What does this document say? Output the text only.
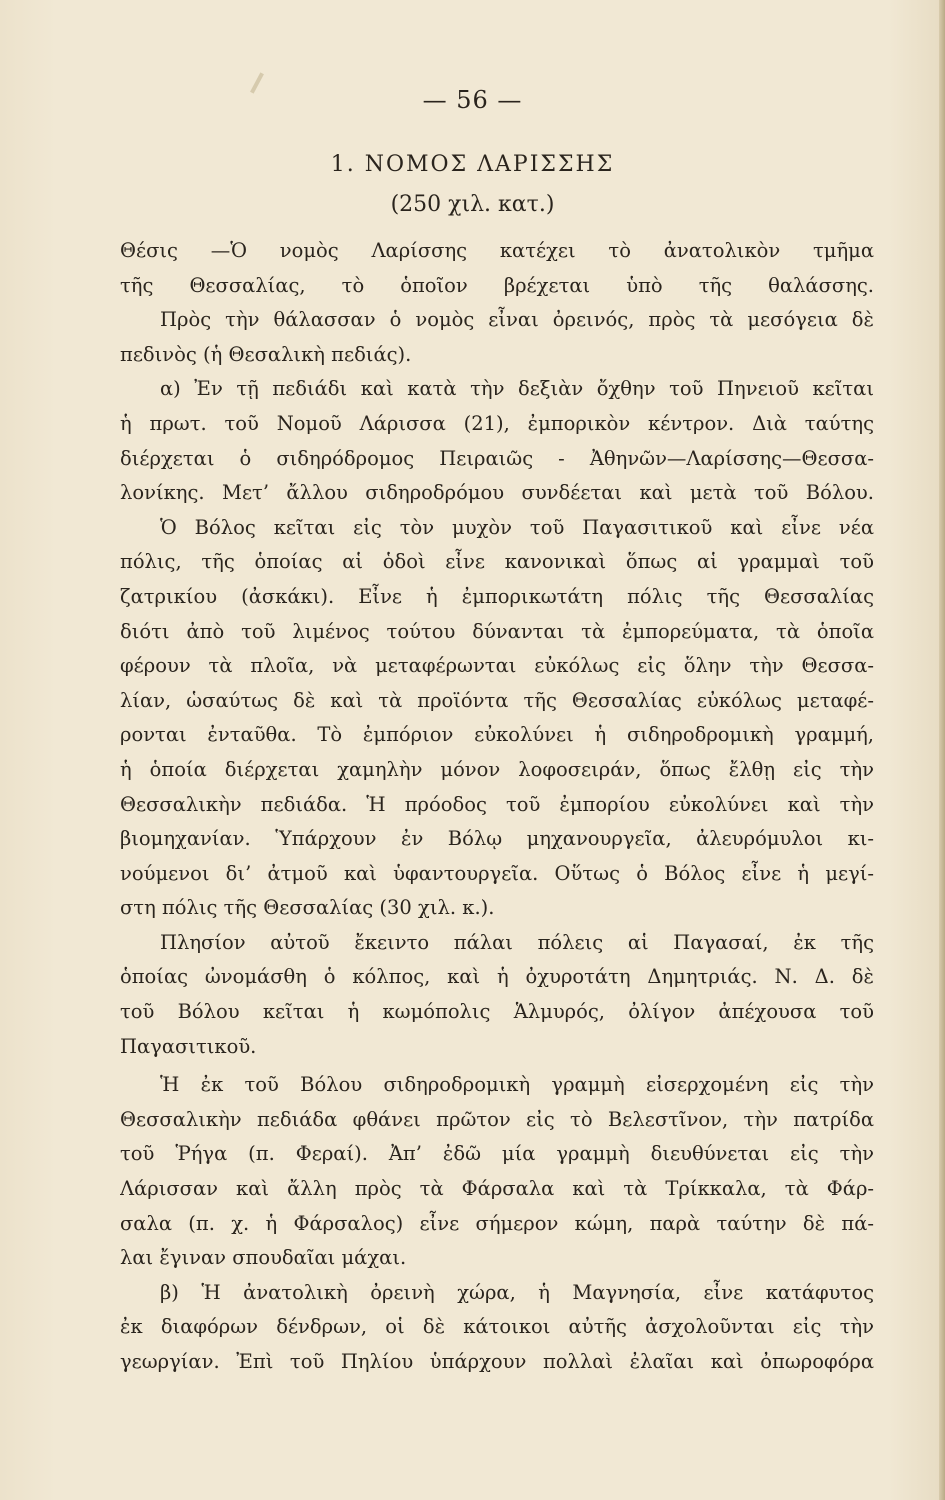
— 56 —
1. ΝΟΜΟΣ ΛΑΡΙΣΣΗΣ
(250 χιλ. κατ.)
Θέσις —Ὁ νομὸς Λαρίσσης κατέχει τὸ ἀνατολικὸν τμῆμα
τῆς Θεσσαλίας, τὸ ὁποῖον βρέχεται ὑπὸ τῆς θαλάσσης.
Πρὸς τὴν θάλασσαν ὁ νομὸς εἶναι ὀρεινός, πρὸς τὰ μεσόγεια δὲ
πεδινὸς (ἡ Θεσαλικὴ πεδιάς).
α) Ἐν τῇ πεδιάδι καὶ κατὰ τὴν δεξιὰν ὄχθην τοῦ Πηνειοῦ κεῖται
ἡ πρωτ. τοῦ Νομοῦ Λάρισσα (21), ἐμπορικὸν κέντρον. Διὰ ταύτης
διέρχεται ὁ σιδηρόδρομος Πειραιῶς - Ἀθηνῶν—Λαρίσσης—Θεσσα-
λονίκης. Μετ’ ἄλλου σιδηροδρόμου συνδέεται καὶ μετὰ τοῦ Βόλου.
Ὁ Βόλος κεῖται εἰς τὸν μυχὸν τοῦ Παγασιτικοῦ καὶ εἶνε νέα
πόλις, τῆς ὁποίας αἱ ὁδοὶ εἶνε κανονικαὶ ὅπως αἱ γραμμαὶ τοῦ
ζατρικίου (ἀσκάκι). Εἶνε ἡ ἐμπορικωτάτη πόλις τῆς Θεσσαλίας
διότι ἀπὸ τοῦ λιμένος τούτου δύνανται τὰ ἐμπορεύματα, τὰ ὁποῖα
φέρουν τὰ πλοῖα, νὰ μεταφέρωνται εὐκόλως εἰς ὅλην τὴν Θεσσα-
λίαν, ὡσαύτως δὲ καὶ τὰ προϊόντα τῆς Θεσσαλίας εὐκόλως μεταφέ-
ρονται ἐνταῦθα. Τὸ ἐμπόριον εὐκολύνει ἡ σιδηροδρομικὴ γραμμή,
ἡ ὁποία διέρχεται χαμηλὴν μόνον λοφοσειράν, ὅπως ἔλθῃ εἰς τὴν
Θεσσαλικὴν πεδιάδα. Ἡ πρόοδος τοῦ ἐμπορίου εὐκολύνει καὶ τὴν
βιομηχανίαν. Ὑπάρχουν ἐν Βόλῳ μηχανουργεῖα, ἀλευρόμυλοι κι-
νούμενοι δι’ ἀτμοῦ καὶ ὑφαντουργεῖα. Οὕτως ὁ Βόλος εἶνε ἡ μεγί-
στη πόλις τῆς Θεσσαλίας (30 χιλ. κ.).
Πλησίον αὐτοῦ ἔκειντο πάλαι πόλεις αἱ Παγασαί, ἐκ τῆς
ὁποίας ὠνομάσθη ὁ κόλπος, καὶ ἡ ὀχυροτάτη Δημητριάς. Ν. Δ. δὲ
τοῦ Βόλου κεῖται ἡ κωμόπολις Ἁλμυρός, ὀλίγον ἀπέχουσα τοῦ
Παγασιτικοῦ.
Ἡ ἐκ τοῦ Βόλου σιδηροδρομικὴ γραμμὴ εἰσερχομένη εἰς τὴν
Θεσσαλικὴν πεδιάδα φθάνει πρῶτον εἰς τὸ Βελεστῖνον, τὴν πατρίδα
τοῦ Ῥήγα (π. Φεραί). Ἀπ’ ἐδῶ μία γραμμὴ διευθύνεται εἰς τὴν
Λάρισσαν καὶ ἄλλη πρὸς τὰ Φάρσαλα καὶ τὰ Τρίκκαλα, τὰ Φάρ-
σαλα (π. χ. ἡ Φάρσαλος) εἶνε σήμερον κώμη, παρὰ ταύτην δὲ πά-
λαι ἔγιναν σπουδαῖαι μάχαι.
β) Ἡ ἀνατολικὴ ὀρεινὴ χώρα, ἡ Μαγνησία, εἶνε κατάφυτος
ἐκ διαφόρων δένδρων, οἱ δὲ κάτοικοι αὐτῆς ἀσχολοῦνται εἰς τὴν
γεωργίαν. Ἐπὶ τοῦ Πηλίου ὑπάρχουν πολλαὶ ἐλαῖαι καὶ ὀπωροφόρα
